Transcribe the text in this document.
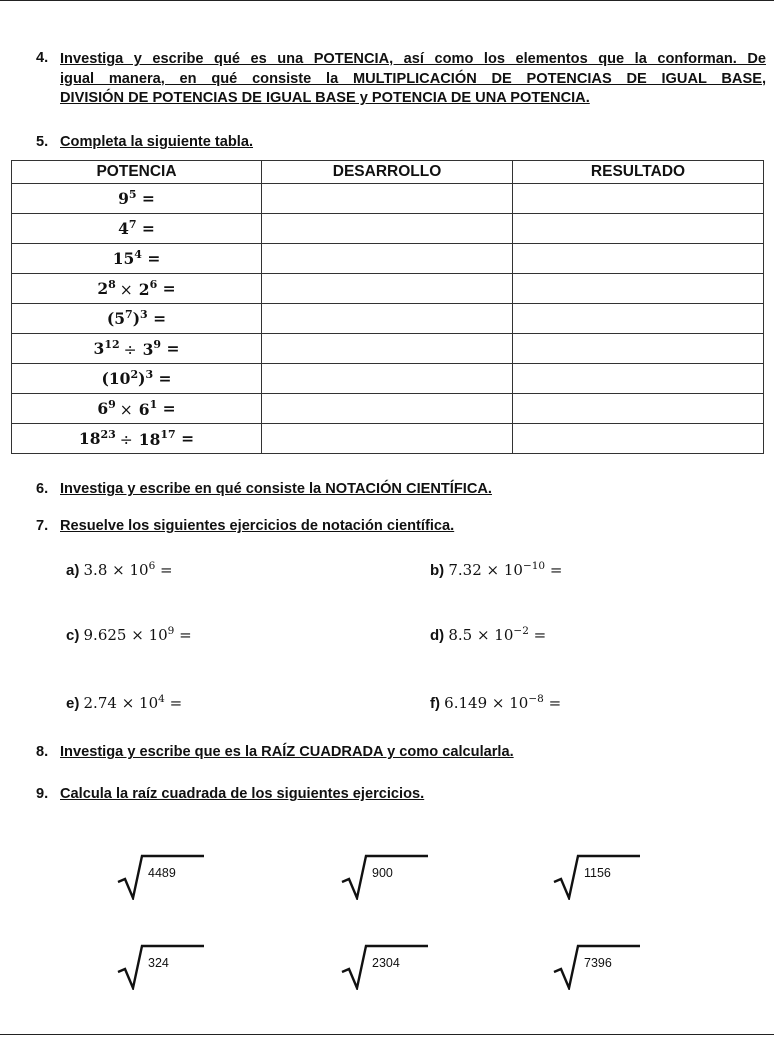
4. Investiga y escribe qué es una POTENCIA, así como los elementos que la conforman. De
igual manera, en qué consiste la MULTIPLICACIÓN DE POTENCIAS DE IGUAL BASE,
DIVISIÓN DE POTENCIAS DE IGUAL BASE y POTENCIA DE UNA POTENCIA.
5. Completa la siguiente tabla.
POTENCIA	DESARROLLO	RESULTADO
$9^5$ =		
$4^7$ =		
$15^4$ =		
$2^8 \times 2^6$ =		
$(5^7)^3$ =		
$3^{12} \div 3^9$ =		
$(10^2)^3$ =		
$6^9 \times 6^1$ =		
$18^{23} \div 18^{17}$ =		
6. Investiga y escribe en qué consiste la NOTACIÓN CIENTÍFICA.
7. Resuelve los siguientes ejercicios de notación científica.
a) $3.8 \times 10^6$ =	b) $7.32 \times 10^{-10}$ =
c) $9.625 \times 10^9$ =	d) $8.5 \times 10^{-2}$ =
e) $2.74 \times 10^4$ =	f) $6.149 \times 10^{-8}$ =
8. Investiga y escribe que es la RAÍZ CUADRADA y como calcularla.
9. Calcula la raíz cuadrada de los siguientes ejercicios.
4489	900	1156
324	2304	7396
